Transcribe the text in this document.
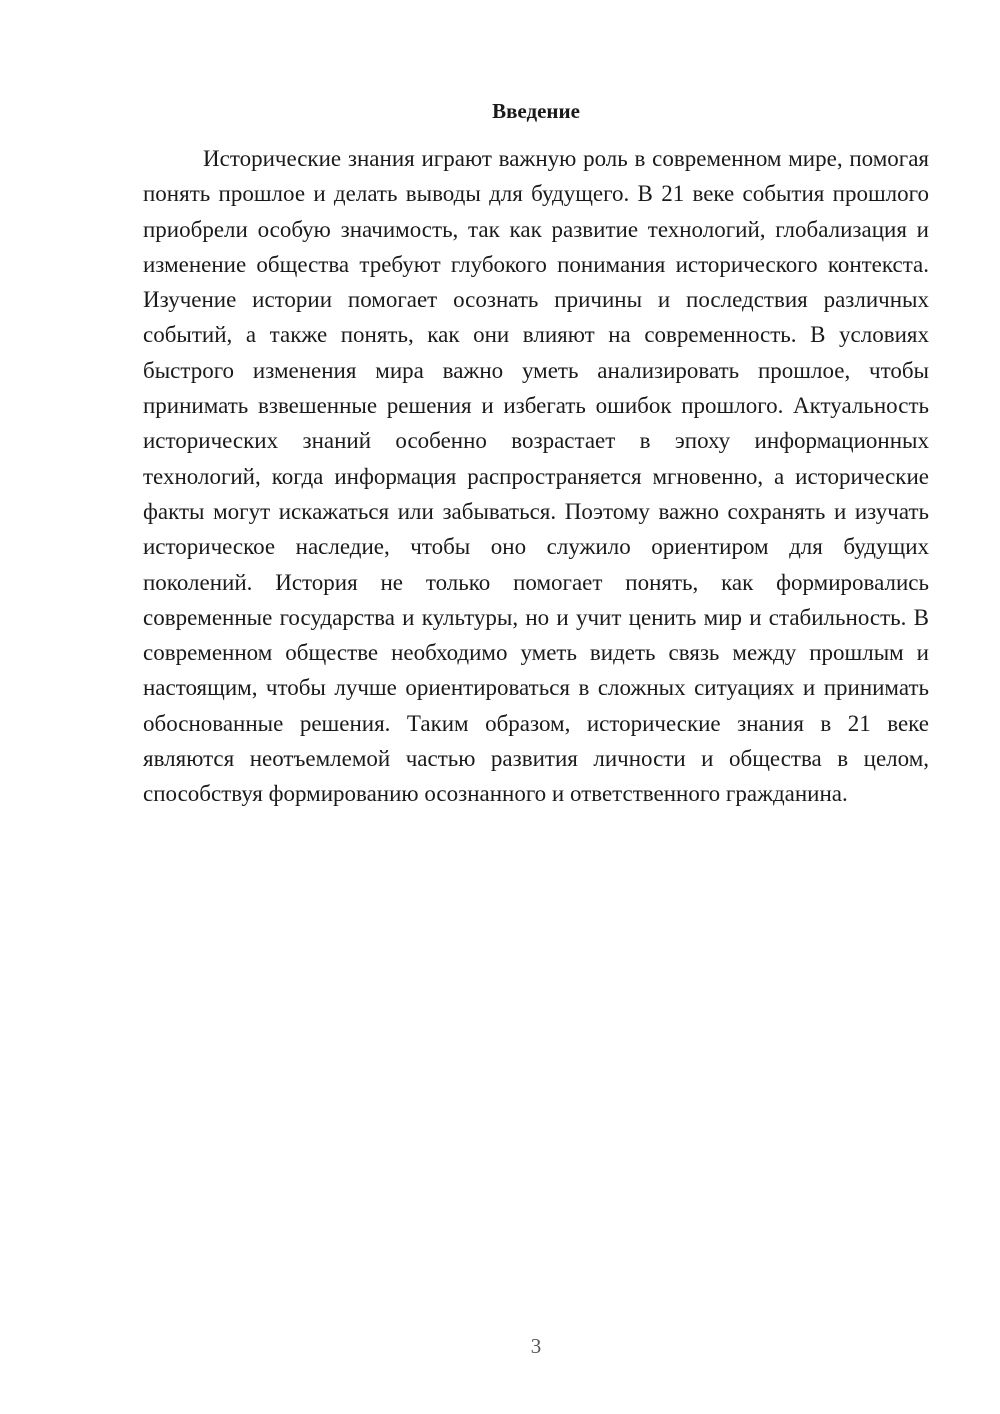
Введение

Исторические знания играют важную роль в современном мире, помогая понять прошлое и делать выводы для будущего. В 21 веке события прошлого приобрели особую значимость, так как развитие технологий, глобализация и изменение общества требуют глубокого понимания исторического контекста. Изучение истории помогает осознать причины и последствия различных событий, а также понять, как они влияют на современность. В условиях быстрого изменения мира важно уметь анализировать прошлое, чтобы принимать взвешенные решения и избегать ошибок прошлого. Актуальность исторических знаний особенно возрастает в эпоху информационных технологий, когда информация распространяется мгновенно, а исторические факты могут искажаться или забываться. Поэтому важно сохранять и изучать историческое наследие, чтобы оно служило ориентиром для будущих поколений. История не только помогает понять, как формировались современные государства и культуры, но и учит ценить мир и стабильность. В современном обществе необходимо уметь видеть связь между прошлым и настоящим, чтобы лучше ориентироваться в сложных ситуациях и принимать обоснованные решения. Таким образом, исторические знания в 21 веке являются неотъемлемой частью развития личности и общества в целом, способствуя формированию осознанного и ответственного гражданина.

3
